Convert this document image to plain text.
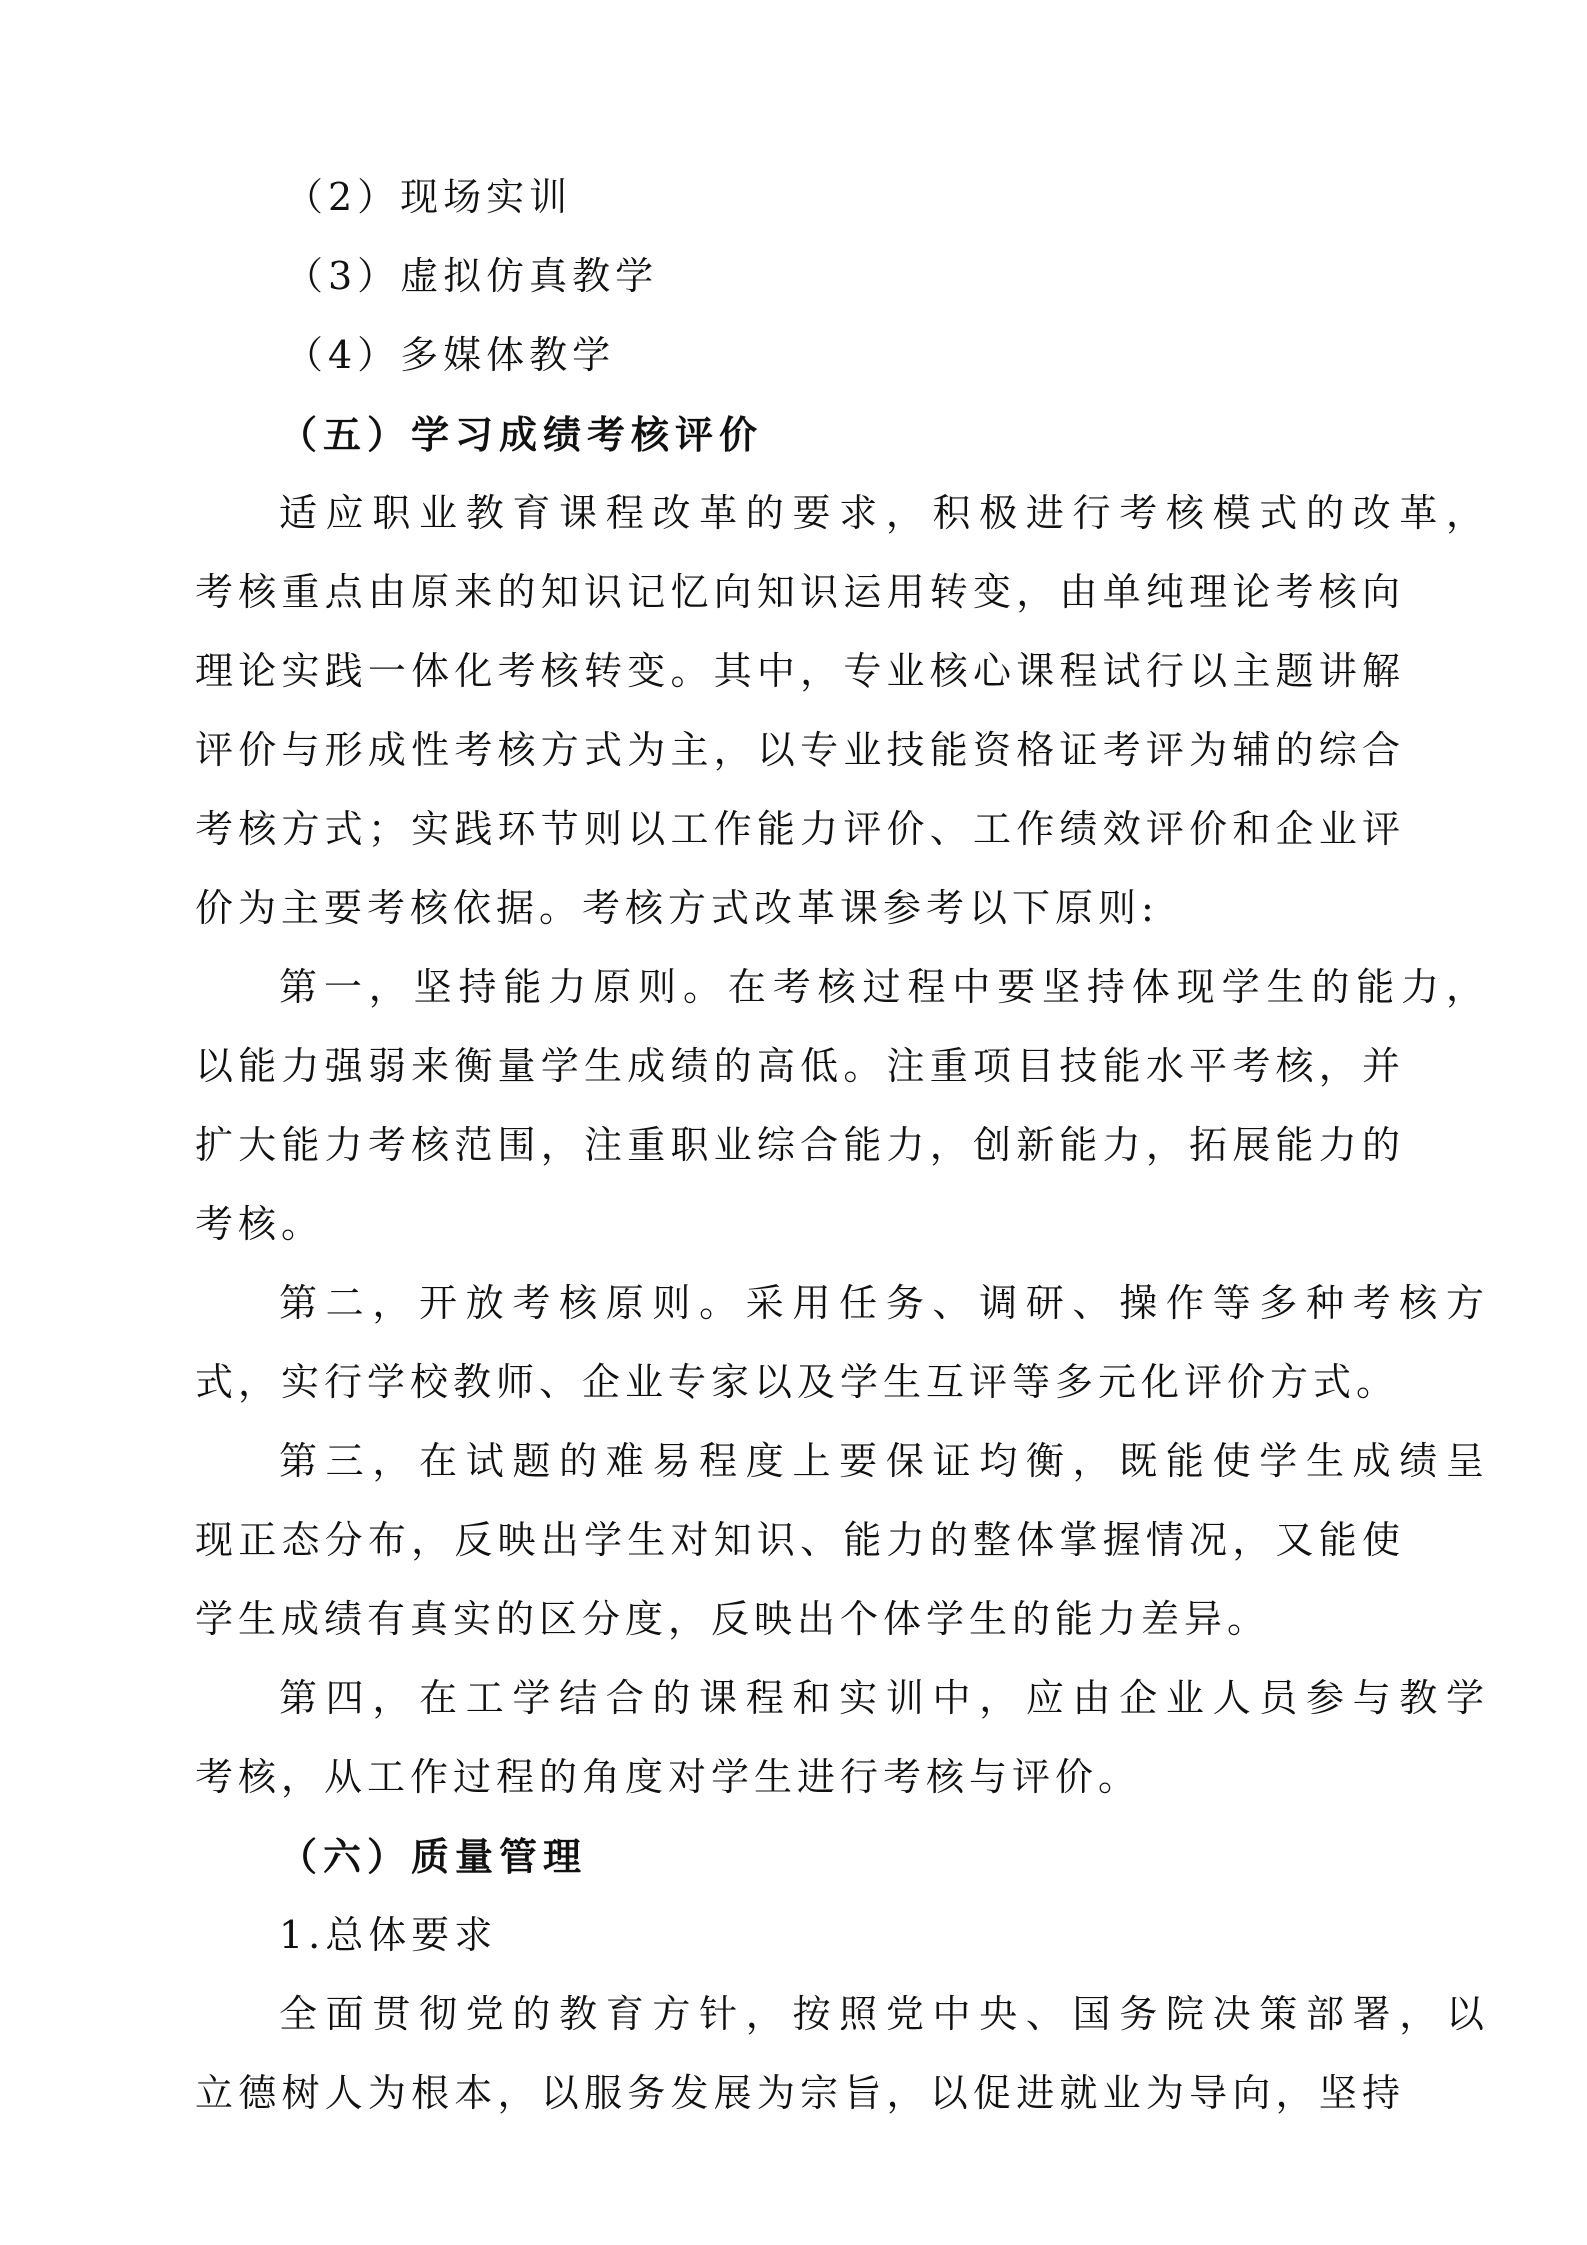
（2）现场实训
（3）虚拟仿真教学
（4）多媒体教学
（五）学习成绩考核评价
适应职业教育课程改革的要求，积极进行考核模式的改革，
考核重点由原来的知识记忆向知识运用转变，由单纯理论考核向
理论实践一体化考核转变。其中，专业核心课程试行以主题讲解
评价与形成性考核方式为主，以专业技能资格证考评为辅的综合
考核方式；实践环节则以工作能力评价、工作绩效评价和企业评
价为主要考核依据。考核方式改革课参考以下原则:
第一，坚持能力原则。在考核过程中要坚持体现学生的能力，
以能力强弱来衡量学生成绩的高低。注重项目技能水平考核，并
扩大能力考核范围，注重职业综合能力，创新能力，拓展能力的
考核。
第二，开放考核原则。采用任务、调研、操作等多种考核方
式，实行学校教师、企业专家以及学生互评等多元化评价方式。
第三，在试题的难易程度上要保证均衡，既能使学生成绩呈
现正态分布，反映出学生对知识、能力的整体掌握情况，又能使
学生成绩有真实的区分度，反映出个体学生的能力差异。
第四，在工学结合的课程和实训中，应由企业人员参与教学
考核，从工作过程的角度对学生进行考核与评价。
（六）质量管理
1.总体要求
全面贯彻党的教育方针，按照党中央、国务院决策部署，以
立德树人为根本，以服务发展为宗旨，以促进就业为导向，坚持
